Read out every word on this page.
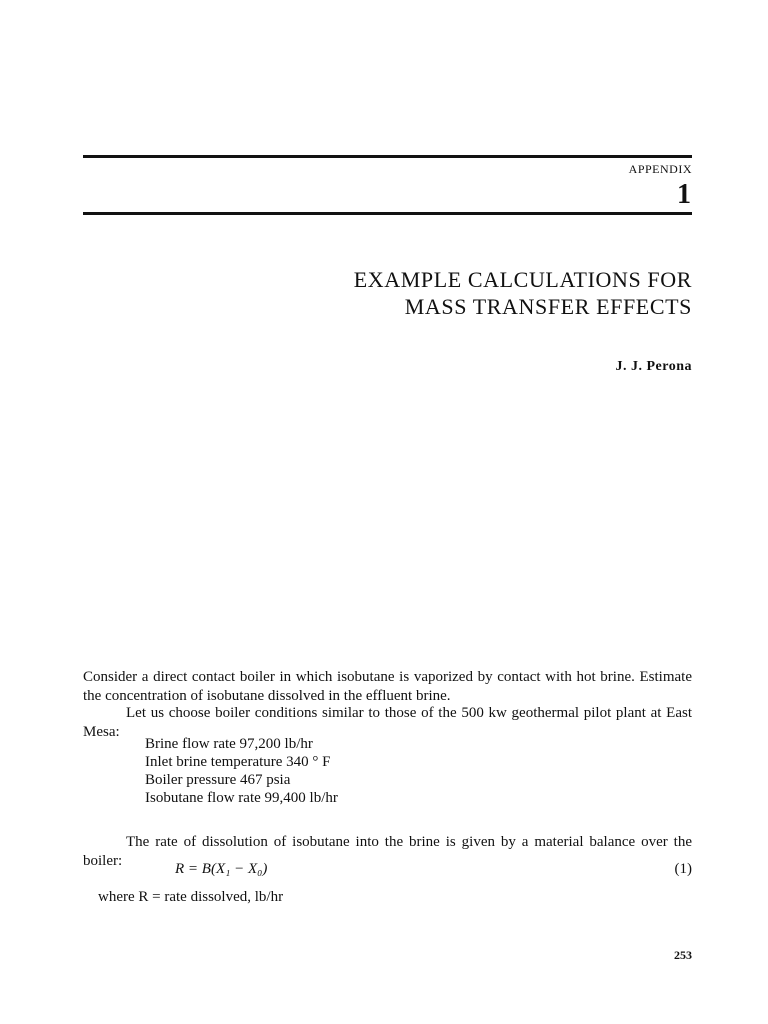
APPENDIX
1
EXAMPLE CALCULATIONS FOR
MASS TRANSFER EFFECTS
J. J. Perona

Consider a direct contact boiler in which isobutane is vaporized by contact with hot brine. Estimate the concentration of isobutane dissolved in the effluent brine.

Let us choose boiler conditions similar to those of the 500 kw geothermal pilot plant at East Mesa:

Brine flow rate 97,200 lb/hr
Inlet brine temperature 340 ° F
Boiler pressure 467 psia
Isobutane flow rate 99,400 lb/hr

The rate of dissolution of isobutane into the brine is given by a material balance over the boiler:	R = B(X₁ − X₀)	(1)
where R = rate dissolved, lb/hr
253
